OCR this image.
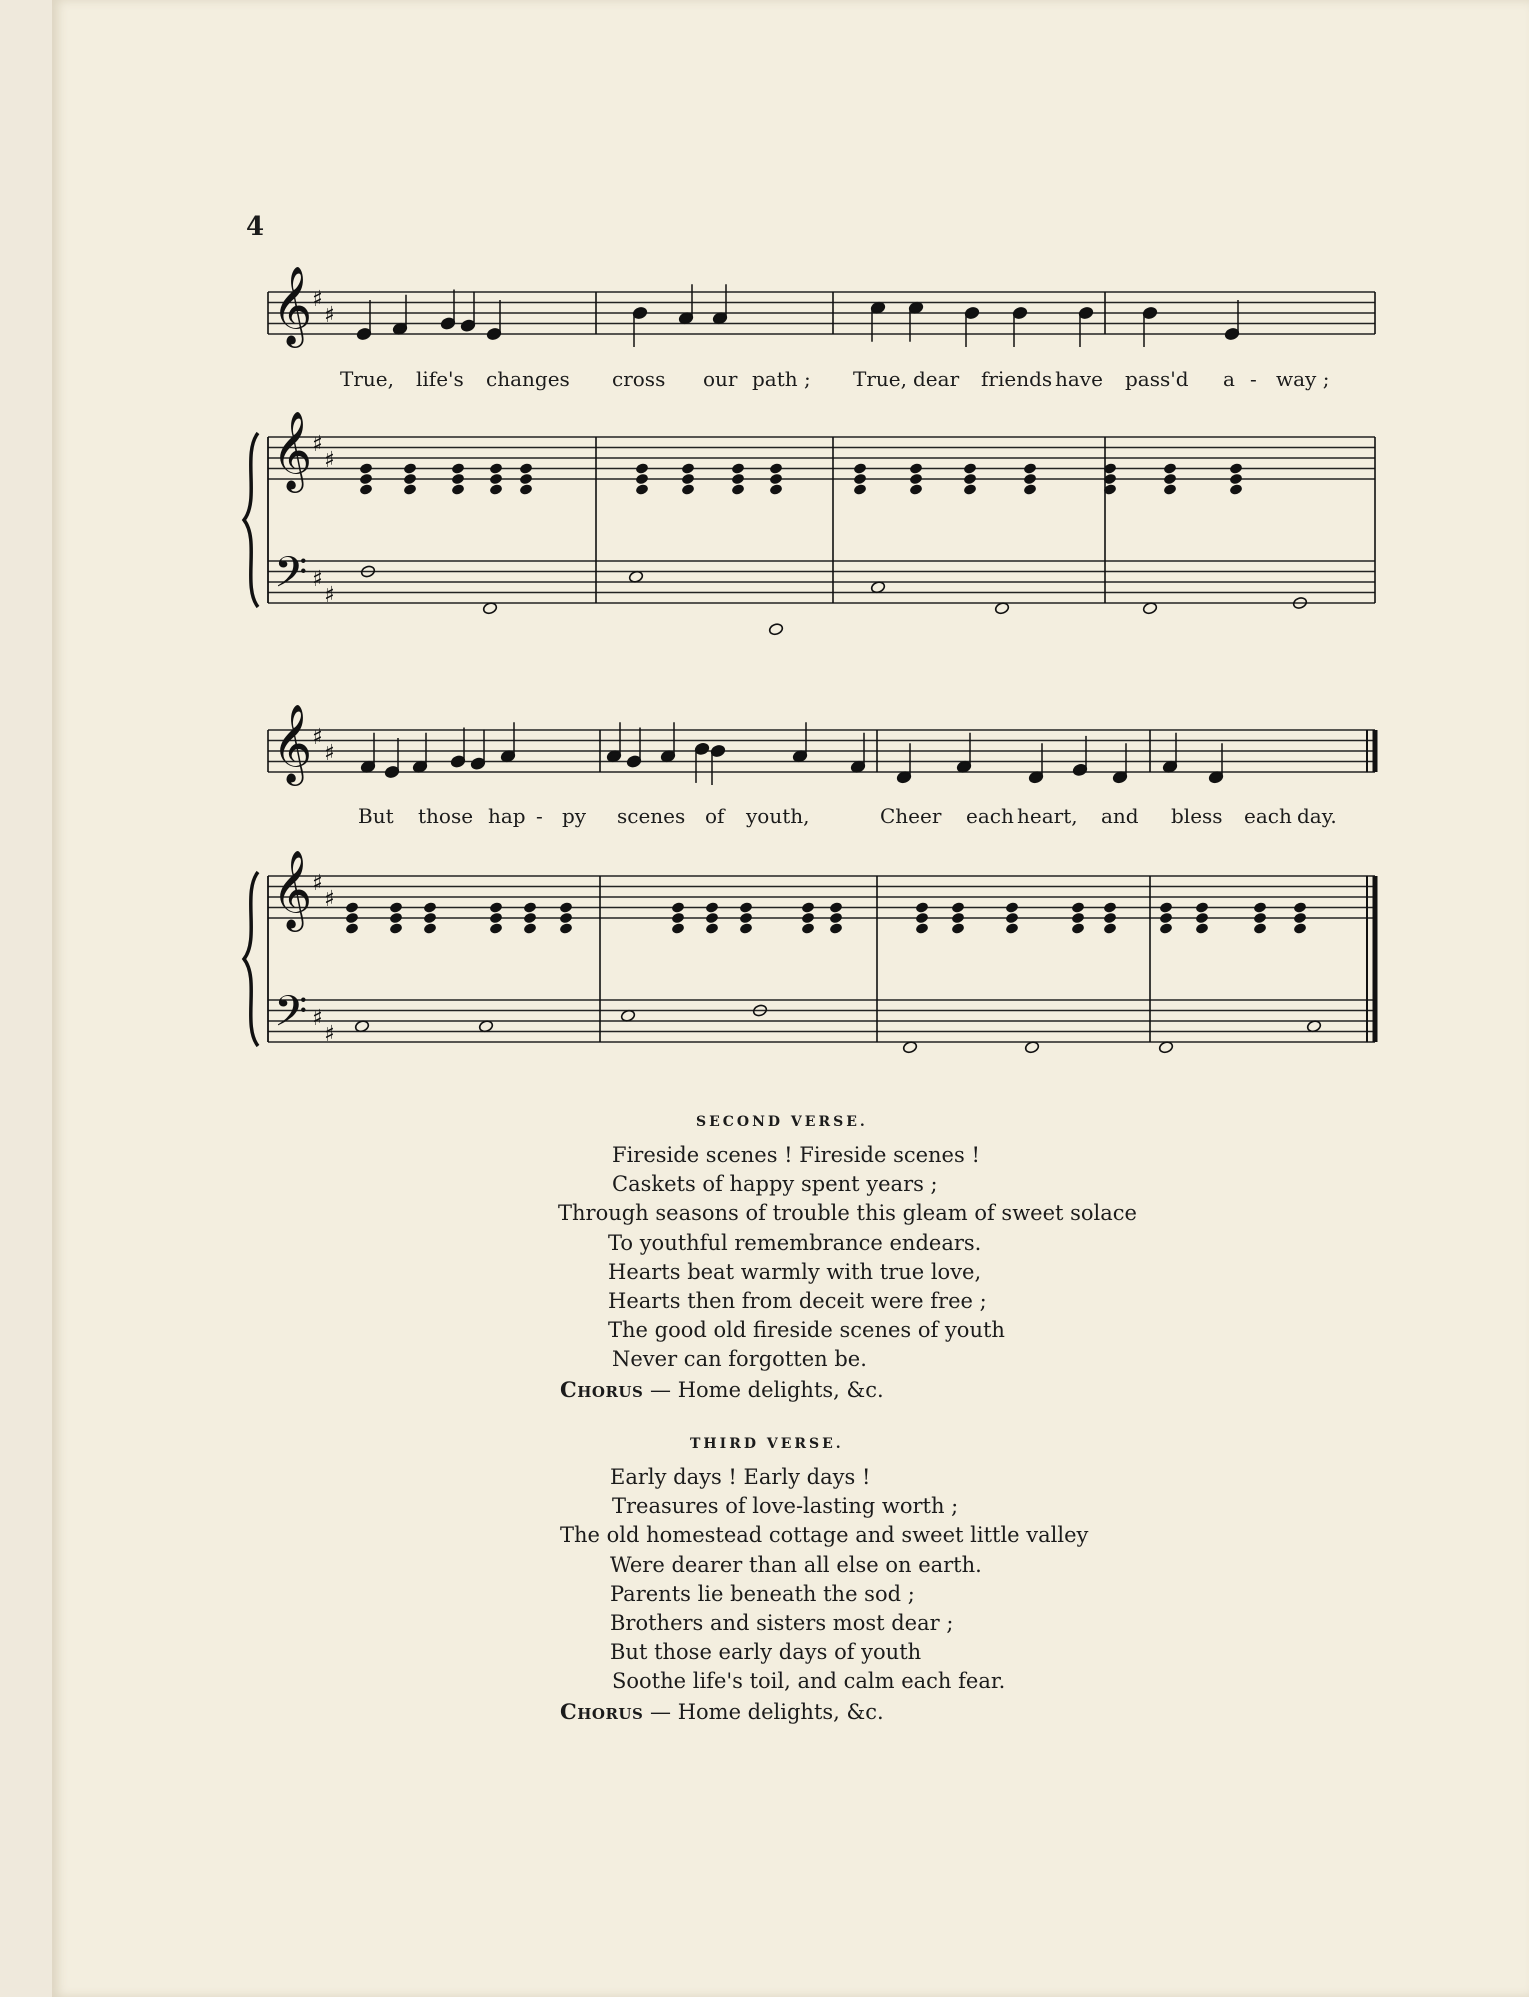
4
𝄞
𝄞
𝄢
♯
♯
♯
♯
♯
♯
𝄞
𝄞
𝄢
♯
♯
♯
♯
♯
♯
True, life's changes cross our path ; True, dear friends have pass'd a - way ;
But those hap - py scenes of youth,	Cheer each heart, and bless each day.
SECOND VERSE.
Fireside scenes ! Fireside scenes !
Caskets of happy spent years ;
Through seasons of trouble this gleam of sweet solace
To youthful remembrance endears.
Hearts beat warmly with true love,
Hearts then from deceit were free ;
The good old fireside scenes of youth
Never can forgotten be.
Chorus — Home delights, &c.
THIRD VERSE.
Early days ! Early days !
Treasures of love-lasting worth ;
The old homestead cottage and sweet little valley
Were dearer than all else on earth.
Parents lie beneath the sod ;
Brothers and sisters most dear ;
But those early days of youth
Soothe life's toil, and calm each fear.
Chorus — Home delights, &c.
